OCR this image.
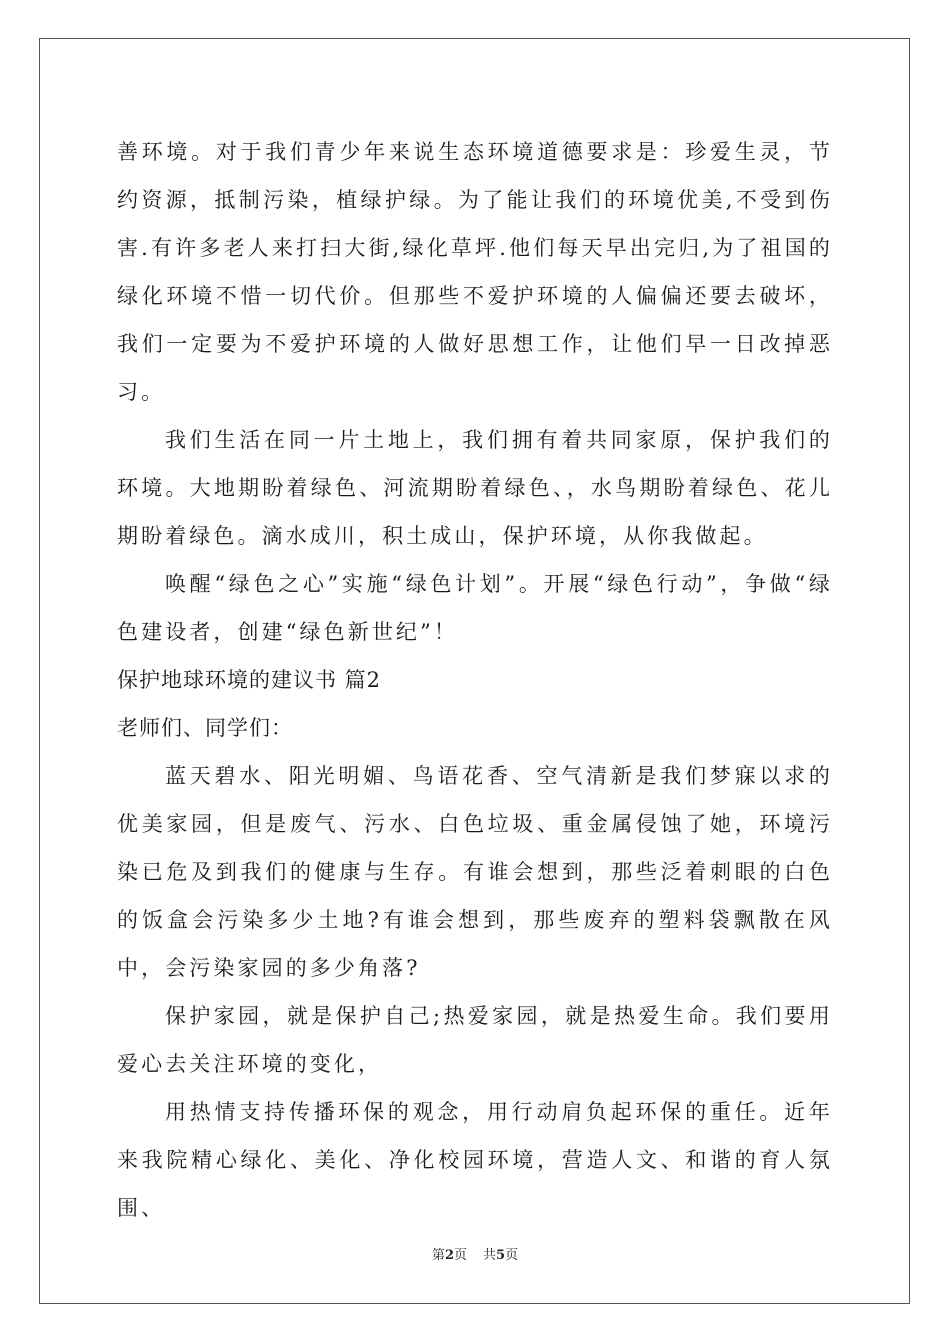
善环境。对于我们青少年来说生态环境道德要求是：珍爱生灵，节约资源，抵制污染，植绿护绿。为了能让我们的环境优美,不受到伤害.有许多老人来打扫大街,绿化草坪.他们每天早出完归,为了祖国的绿化环境不惜一切代价。但那些不爱护环境的人偏偏还要去破坏，我们一定要为不爱护环境的人做好思想工作，让他们早一日改掉恶习。

我们生活在同一片土地上，我们拥有着共同家原，保护我们的环境。大地期盼着绿色、河流期盼着绿色、，水鸟期盼着绿色、花儿期盼着绿色。滴水成川，积土成山，保护环境，从你我做起。

唤醒“绿色之心”实施“绿色计划”。开展“绿色行动”，争做“绿色建设者，创建“绿色新世纪”！

保护地球环境的建议书 篇2

老师们、同学们：

蓝天碧水、阳光明媚、鸟语花香、空气清新是我们梦寐以求的优美家园，但是废气、污水、白色垃圾、重金属侵蚀了她，环境污染已危及到我们的健康与生存。有谁会想到，那些泛着刺眼的白色的饭盒会污染多少土地?有谁会想到，那些废弃的塑料袋飘散在风中，会污染家园的多少角落?

保护家园，就是保护自己;热爱家园，就是热爱生命。我们要用爱心去关注环境的变化，

用热情支持传播环保的观念，用行动肩负起环保的重任。近年来我院精心绿化、美化、净化校园环境，营造人文、和谐的育人氛围、

第2页 共5页
